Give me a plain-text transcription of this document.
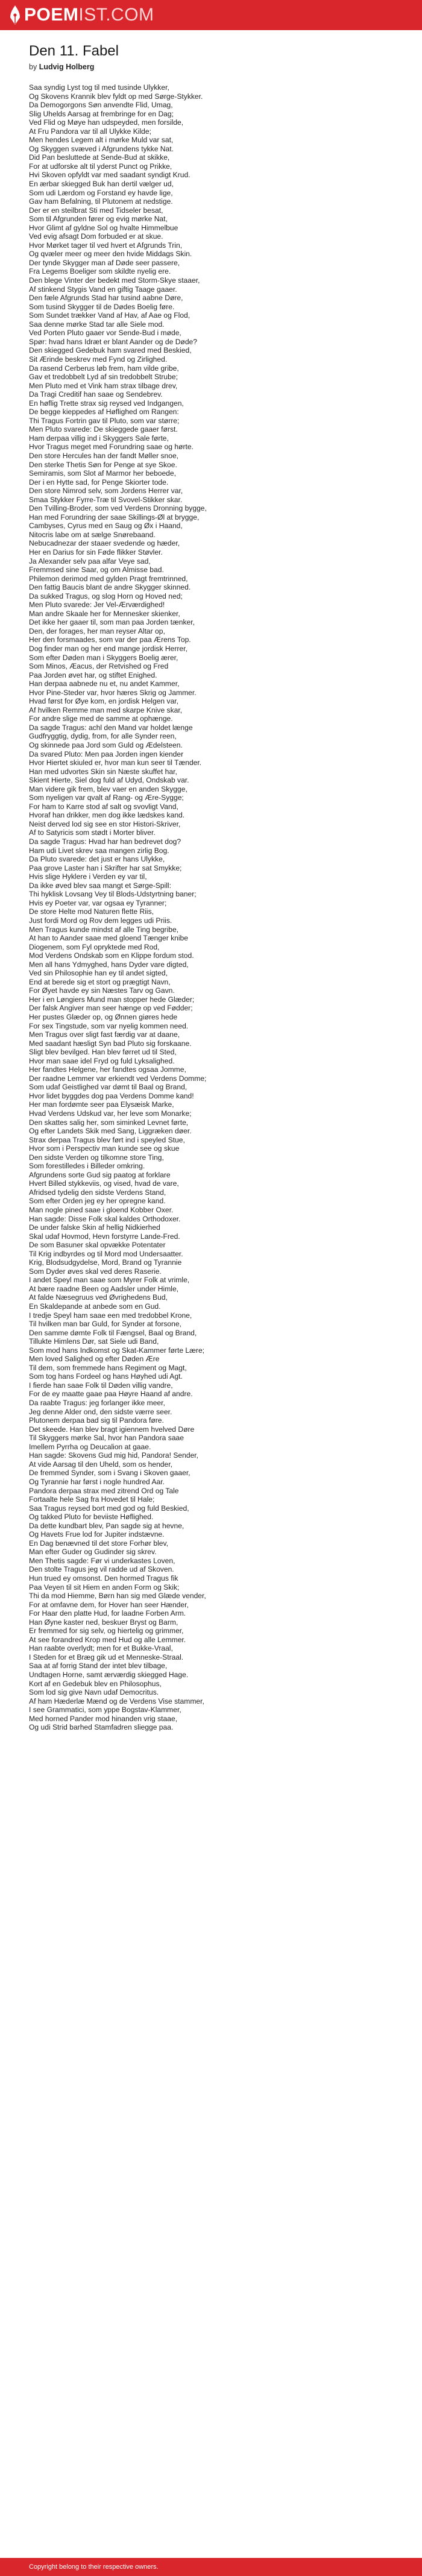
POEMIST.COM
Den 11. Fabel
by Ludvig Holberg
Saa syndig Lyst tog til med tusinde Ulykker,
Og Skovens Krannik blev fyldt op med Sørge-Stykker.
Da Demogorgons Søn anvendte Flid, Umag,
Slig Uhelds Aarsag at frembringe for en Dag;
Ved Flid og Møye han udspeyded, men forsilde,
At Fru Pandora var til all Ulykke Kilde;
Men hendes Legem alt i mørke Muld var sat,
Og Skyggen svæved i Afgrundens tykke Nat.
Did Pan besluttede at Sende-Bud at skikke,
For at udforske alt til yderst Punct og Prikke,
Hvi Skoven opfyldt var med saadant syndigt Krud.
En ærbar skiegged Buk han dertil vælger ud,
Som udi Lærdom og Forstand ey havde lige,
Gav ham Befalning, til Plutonem at nedstige.
Der er en steilbrat Sti med Tidseler besat,
Som til Afgrunden fører og evig mørke Nat,
Hvor Glimt af gyldne Sol og hvalte Himmelbue
Ved evig afsagt Dom forbuded er at skue.
Hvor Mørket tager til ved hvert et Afgrunds Trin,
Og qvæler meer og meer den hvide Middags Skin.
Der tynde Skygger man af Døde seer passere,
Fra Legems Boeliger som skildte nyelig ere.
Den blege Vinter der bedekt med Storm-Skye staaer,
Af stinkend Stygis Vand en giftig Taage gaaer.
Den fæle Afgrunds Stad har tusind aabne Døre,
Som tusind Skygger til de Dødes Boelig føre.
Som Sundet trækker Vand af Hav, af Aae og Flod,
Saa denne mørke Stad tar alle Siele mod.
Ved Porten Pluto gaaer vor Sende-Bud i møde,
Spør: hvad hans Idræt er blant Aander og de Døde?
Den skiegged Gedebuk ham svared med Beskied,
Sit Ærinde beskrev med Fynd og Zirlighed.
Da rasend Cerberus løb frem, ham vilde gribe,
Gav et tredobbelt Lyd af sin tredobbelt Strube;
Men Pluto med et Vink ham strax tilbage drev,
Da Tragi Creditif han saae og Sendebrev.
En høflig Trette strax sig reysed ved Indgangen,
De begge kieppedes af Høflighed om Rangen:
Thi Tragus Fortrin gav til Pluto, som var større;
Men Pluto svarede: De skieggede gaaer først.
Ham derpaa villig ind i Skyggers Sale førte,
Hvor Tragus meget med Forundring saae og hørte.
Den store Hercules han der fandt Møller snoe,
Den sterke Thetis Søn for Penge at sye Skoe.
Semiramis, som Slot af Marmor her beboede,
Der i en Hytte sad, for Penge Skiorter tode.
Den store Nimrod selv, som Jordens Herrer var,
Smaa Stykker Fyrre-Træ til Svovel-Stikker skar.
Den Tvilling-Broder, som ved Verdens Dronning bygge,
Han med Forundring der saae Skillings-Øl at brygge,
Cambyses, Cyrus med en Saug og Øx i Haand,
Nitocris labe om at sælge Snørebaand.
Nebucadnezar der staaer svedende og hæder,
Her en Darius for sin Føde flikker Støvler.
Ja Alexander selv paa alfar Veye sad,
Fremmsed sine Saar, og om Almisse bad.
Philemon derimod med gylden Pragt fremtrinned,
Den fattig Baucis blant de andre Skygger skinned.
Da sukked Tragus, og slog Horn og Hoved ned;
Men Pluto svarede: Jer Vel-Ærværdighed!
Man andre Skaale her for Mennesker skienker,
Det ikke her gaaer til, som man paa Jorden tænker,
Den, der forages, her man reyser Altar op,
Her den forsmaades, som var der paa Ærens Top.
Dog finder man og her end mange jordisk Herrer,
Som efter Døden man i Skyggers Boelig ærer,
Som Minos, Æacus, der Retvished og Fred
Paa Jorden øvet har, og stiftet Enighed.
Han derpaa aabnede nu et, nu andet Kammer,
Hvor Pine-Steder var, hvor hæres Skrig og Jammer.
Hvad først for Øye kom, en jordisk Helgen var,
Af hvilken Remme man med skarpe Knive skar,
For andre slige med de samme at ophænge.
Da sagde Tragus: achl den Mand var holdet længe
Gudfryggtig, dydig, from, for alle Synder reen,
Og skinnede paa Jord som Guld og Ædelsteen.
Da svared Pluto: Men paa Jorden ingen kiender
Hvor Hiertet skiuled er, hvor man kun seer til Tænder.
Han med udvortes Skin sin Næste skuffet har,
Skient Hierte, Siel dog fuld af Udyd, Ondskab var.
Man videre gik frem, blev vaer en anden Skygge,
Som nyeligen var qvalt af Rang- og Ære-Sygge;
For ham to Karre stod af salt og svovligt Vand,
Hvoraf han drikker, men dog ikke lædskes kand.
Neist derved lod sig see en stor Histori-Skriver,
Af to Satyricis som stødt i Morter bliver.
Da sagde Tragus: Hvad har han bedrevet dog?
Ham udi Livet skrev saa mangen zirlig Bog.
Da Pluto svarede: det just er hans Ulykke,
Paa grove Laster han i Skrifter har sat Smykke;
Hvis slige Hyklere i Verden ey var til,
Da ikke øved blev saa mangt et Sørge-Spill:
Thi hyklisk Lovsang Vey til Blods-Udstyrtning baner;
Hvis ey Poeter var, var ogsaa ey Tyranner;
De store Helte mod Naturen flette Riis,
Just fordi Mord og Rov dem legges udi Priis.
Men Tragus kunde mindst af alle Ting begribe,
At han to Aander saae med gloend Tænger knibe
Diogenem, som Fyl opryktede med Rod,
Mod Verdens Ondskab som en Klippe fordum stod.
Men all hans Ydmyghed, hans Dyder vare digted,
Ved sin Philosophie han ey til andet sigted,
End at berede sig et stort og prægtigt Navn,
For Øyet havde ey sin Næstes Tarv og Gavn.
Her i en Løngiers Mund man stopper hede Glæder;
Der falsk Angiver man seer hænge op ved Fødder;
Her pustes Glæder op, og Ønnen giøres hede
For sex Tingstude, som var nyelig kommen need.
Men Tragus over sligt fast færdig var at daane,
Med saadant hæsligt Syn bad Pluto sig forskaane.
Sligt blev bevilged. Han blev førret ud til Sted,
Hvor man saae idel Fryd og fuld Lyksalighed.
Her fandtes Helgene, her fandtes ogsaa Jomme,
Der raadne Lemmer var erkiendt ved Verdens Domme;
Som udaf Geistlighed var dømt til Baal og Brand,
Hvor lidet byggdes dog paa Verdens Domme kand!
Her man fordømte seer paa Elysæisk Marke,
Hvad Verdens Udskud var, her leve som Monarke;
Den skattes salig her, som siminked Levnet førte,
Og efter Landets Skik med Sang, Liggræken døer.
Strax derpaa Tragus blev ført ind i speyled Stue,
Hvor som i Perspectiv man kunde see og skue
Den sidste Verden og tilkomne store Ting,
Som forestilledes i Billeder omkring.
Afgrundens sorte Gud sig paatog at forklare
Hvert Billed stykkeviis, og vised, hvad de vare,
Afridsed tydelig den sidste Verdens Stand,
Som efter Orden jeg ey her opregne kand.
Man nogle pined saae i gloend Kobber Oxer.
Han sagde: Disse Folk skal kaldes Orthodoxer.
De under falske Skin af hellig Nidkierhed
Skal udaf Hovmod, Hevn forstyrre Lande-Fred.
De som Basuner skal opvække Potentater
Til Krig indbyrdes og til Mord mod Undersaatter.
Krig, Blodsudgydelse, Mord, Brand og Tyrannie
Som Dyder øves skal ved deres Raserie.
I andet Speyl man saae som Myrer Folk at vrimle,
At bære raadne Been og Aadsler under Himle,
At falde Næsegruus ved Øvrighedens Bud,
En Skaldepande at anbede som en Gud.
I tredje Speyl ham saae een med tredobbel Krone,
Til hvilken man bar Guld, for Synder at forsone,
Den samme dømte Folk til Fængsel, Baal og Brand,
Tillukte Himlens Dør, sat Siele udi Band,
Som mod hans Indkomst og Skat-Kammer førte Lære;
Men loved Salighed og efter Døden Ære
Til dem, som fremmede hans Regiment og Magt,
Som tog hans Fordeel og hans Høyhed udi Agt.
I fierde han saae Folk til Døden villig vandre,
For de ey maatte gaae paa Høyre Haand af andre.
Da raabte Tragus: jeg forlanger ikke meer,
Jeg denne Alder ond, den sidste værre seer.
Plutonem derpaa bad sig til Pandora føre.
Det skeede. Han blev bragt igiennem hvelved Døre
Til Skyggers mørke Sal, hvor han Pandora saae
Imellem Pyrrha og Deucalion at gaae.
Han sagde: Skovens Gud mig hid, Pandora! Sender,
At vide Aarsag til den Uheld, som os hender,
De fremmed Synder, som i Svang i Skoven gaaer,
Og Tyrannie har først i nogle hundred Aar.
Pandora derpaa strax med zitrend Ord og Tale
Fortaalte hele Sag fra Hovedet til Hale;
Saa Tragus reysed bort med god og fuld Beskied,
Og takked Pluto for beviiste Høflighed.
Da dette kundbart blev, Pan sagde sig at hevne,
Og Havets Frue lod for Jupiter indstævne.
En Dag benævned til det store Forhør blev,
Man efter Guder og Gudinder sig skrev.
Men Thetis sagde: Før vi underkastes Loven,
Den stolte Tragus jeg vil radde ud af Skoven.
Hun trued ey omsonst. Den hormed Tragus fik
Paa Veyen til sit Hiem en anden Form og Skik;
Thi da mod Hiemme, Børn han sig med Glæde vender,
For at omfavne dem, for Hover han seer Hænder,
For Haar den platte Hud, for laadne Forben Arm.
Han Øyne kaster ned, beskuer Bryst og Barm,
Er fremmed for sig selv, og hiertelig og grimmer,
At see forandred Krop med Hud og alle Lemmer.
Han raabte overlydt; men for et Bukke-Vraal,
I Steden for et Bræg gik ud et Menneske-Straal.
Saa at af forrig Stand der intet blev tilbage,
Undtagen Horne, samt ærværdig skiegged Hage.
Kort af en Gedebuk blev en Philosophus,
Som lod sig give Navn udaf Democritus.
Af ham Hæderlæ Mænd og de Verdens Vise stammer,
I see Grammatici, som yppe Bogstav-Klammer,
Med horned Pander mod hinanden vrig staae,
Og udi Strid barhed Stamfadren sliegge paa.
Copyright belong to their respective owners.
